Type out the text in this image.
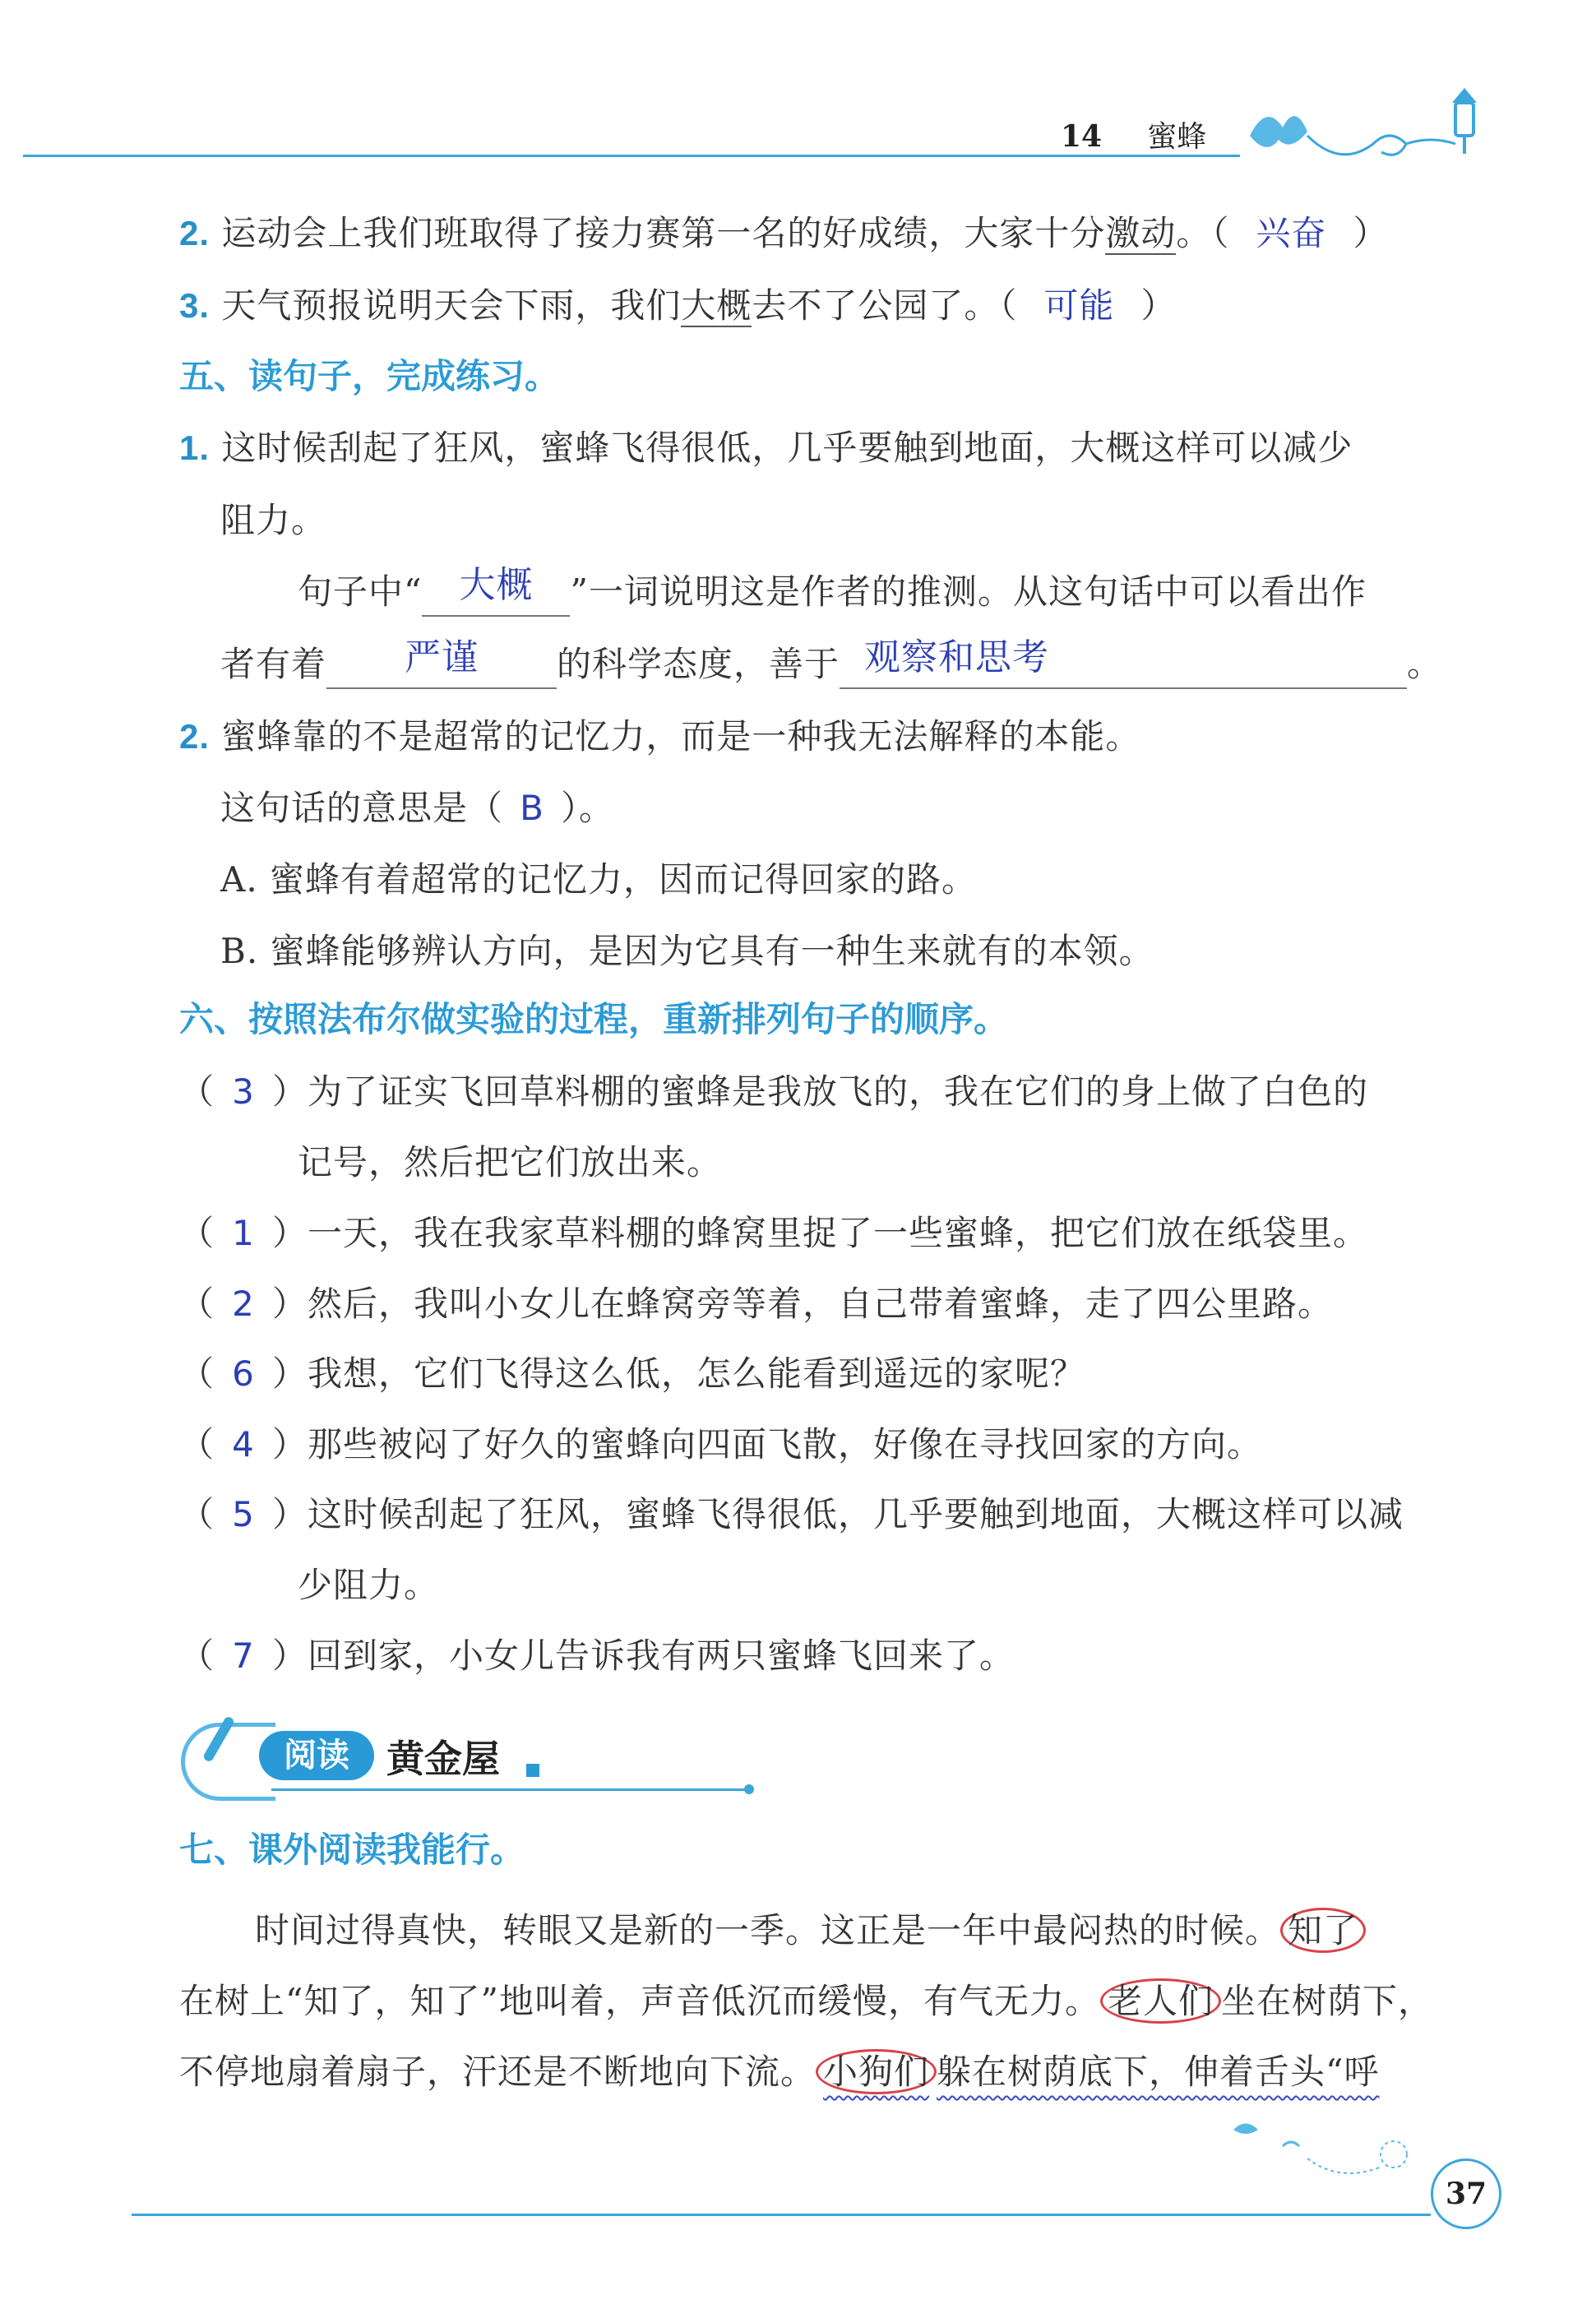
14 蜜蜂
2. 运动会上我们班取得了接力赛第一名的好成绩，大家十分激动。（ 兴奋 ）
3. 天气预报说明天会下雨，我们大概去不了公园了。（ 可能 ）
五、读句子，完成练习。
1. 这时候刮起了狂风，蜜蜂飞得很低，几乎要触到地面，大概这样可以减少
阻力。
句子中“	大概	”一词说明这是作者的推测。从这句话中可以看出作
者有着	严谨	的科学态度，善于 观察和思考	。
2. 蜜蜂靠的不是超常的记忆力，而是一种我无法解释的本能。
这句话的意思是（ B ）。
A. 蜜蜂有着超常的记忆力，因而记得回家的路。
B. 蜜蜂能够辨认方向，是因为它具有一种生来就有的本领。
六、按照法布尔做实验的过程，重新排列句子的顺序。
（ 3 ）为了证实飞回草料棚的蜜蜂是我放飞的，我在它们的身上做了白色的
记号，然后把它们放出来。
（ 1 ）一天，我在我家草料棚的蜂窝里捉了一些蜜蜂，把它们放在纸袋里。
（ 2 ）然后，我叫小女儿在蜂窝旁等着，自己带着蜜蜂，走了四公里路。
（ 6 ）我想，它们飞得这么低，怎么能看到遥远的家呢？
（ 4 ）那些被闷了好久的蜜蜂向四面飞散，好像在寻找回家的方向。
（ 5 ）这时候刮起了狂风，蜜蜂飞得很低，几乎要触到地面，大概这样可以减
少阻力。
（ 7 ）回到家，小女儿告诉我有两只蜜蜂飞回来了。
阅读 黄金屋
七、课外阅读我能行。
时间过得真快，转眼又是新的一季。这正是一年中最闷热的时候。 知了
在树上“知了，知了”地叫着，声音低沉而缓慢，有气无力。 老人们 坐在树荫下，
不停地扇着扇子，汗还是不断地向下流。 小狗们 躲在树荫底下，伸着舌头“呼
37
